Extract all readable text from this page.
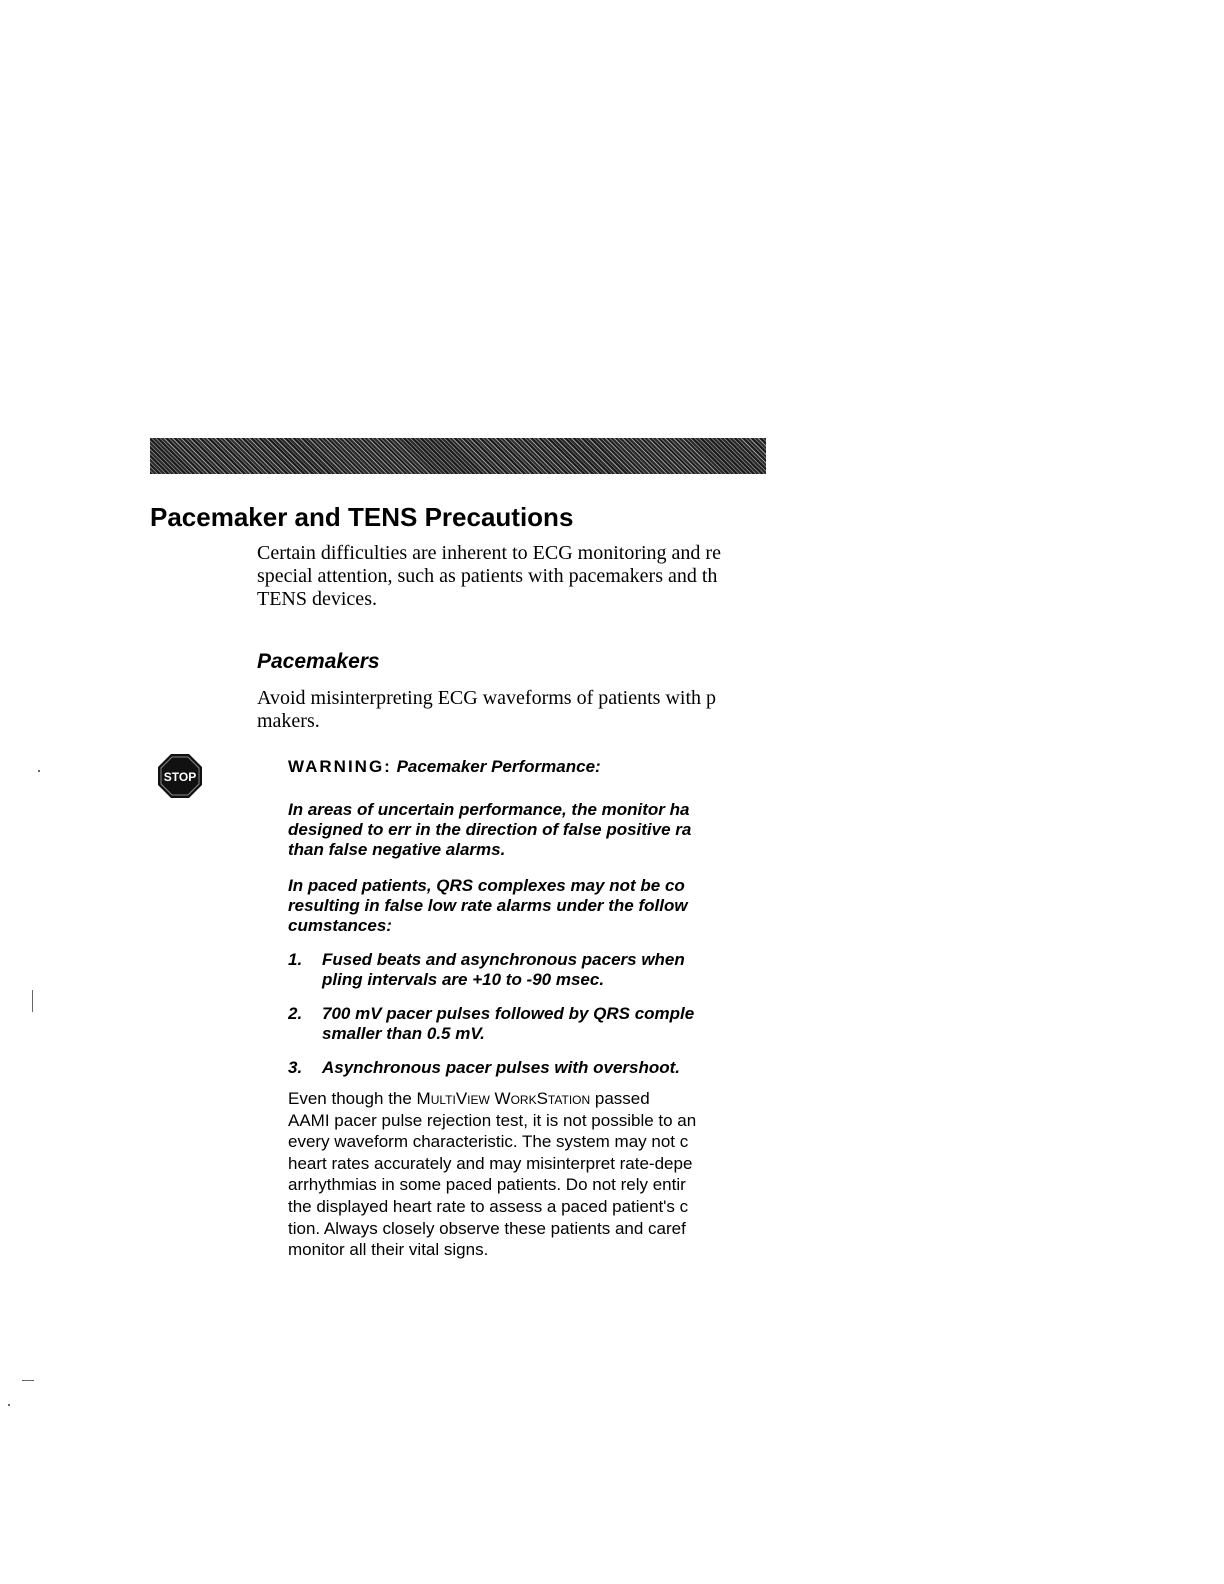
Pacemaker and TENS Precautions

Certain difficulties are inherent to ECG monitoring and re
special attention, such as patients with pacemakers and th
TENS devices.

Pacemakers

Avoid misinterpreting ECG waveforms of patients with p
makers.

STOP

WARNING: Pacemaker Performance:

In areas of uncertain performance, the monitor ha
designed to err in the direction of false positive ra
than false negative alarms.

In paced patients, QRS complexes may not be co
resulting in false low rate alarms under the follow
cumstances:

1. Fused beats and asynchronous pacers when
pling intervals are +10 to -90 msec.
2. 700 mV pacer pulses followed by QRS comple
smaller than 0.5 mV.
3. Asynchronous pacer pulses with overshoot.

Even though the MultiView WorkStation passed
AAMI pacer pulse rejection test, it is not possible to an
every waveform characteristic. The system may not c
heart rates accurately and may misinterpret rate-depe
arrhythmias in some paced patients. Do not rely entir
the displayed heart rate to assess a paced patient's c
tion. Always closely observe these patients and caref
monitor all their vital signs.
